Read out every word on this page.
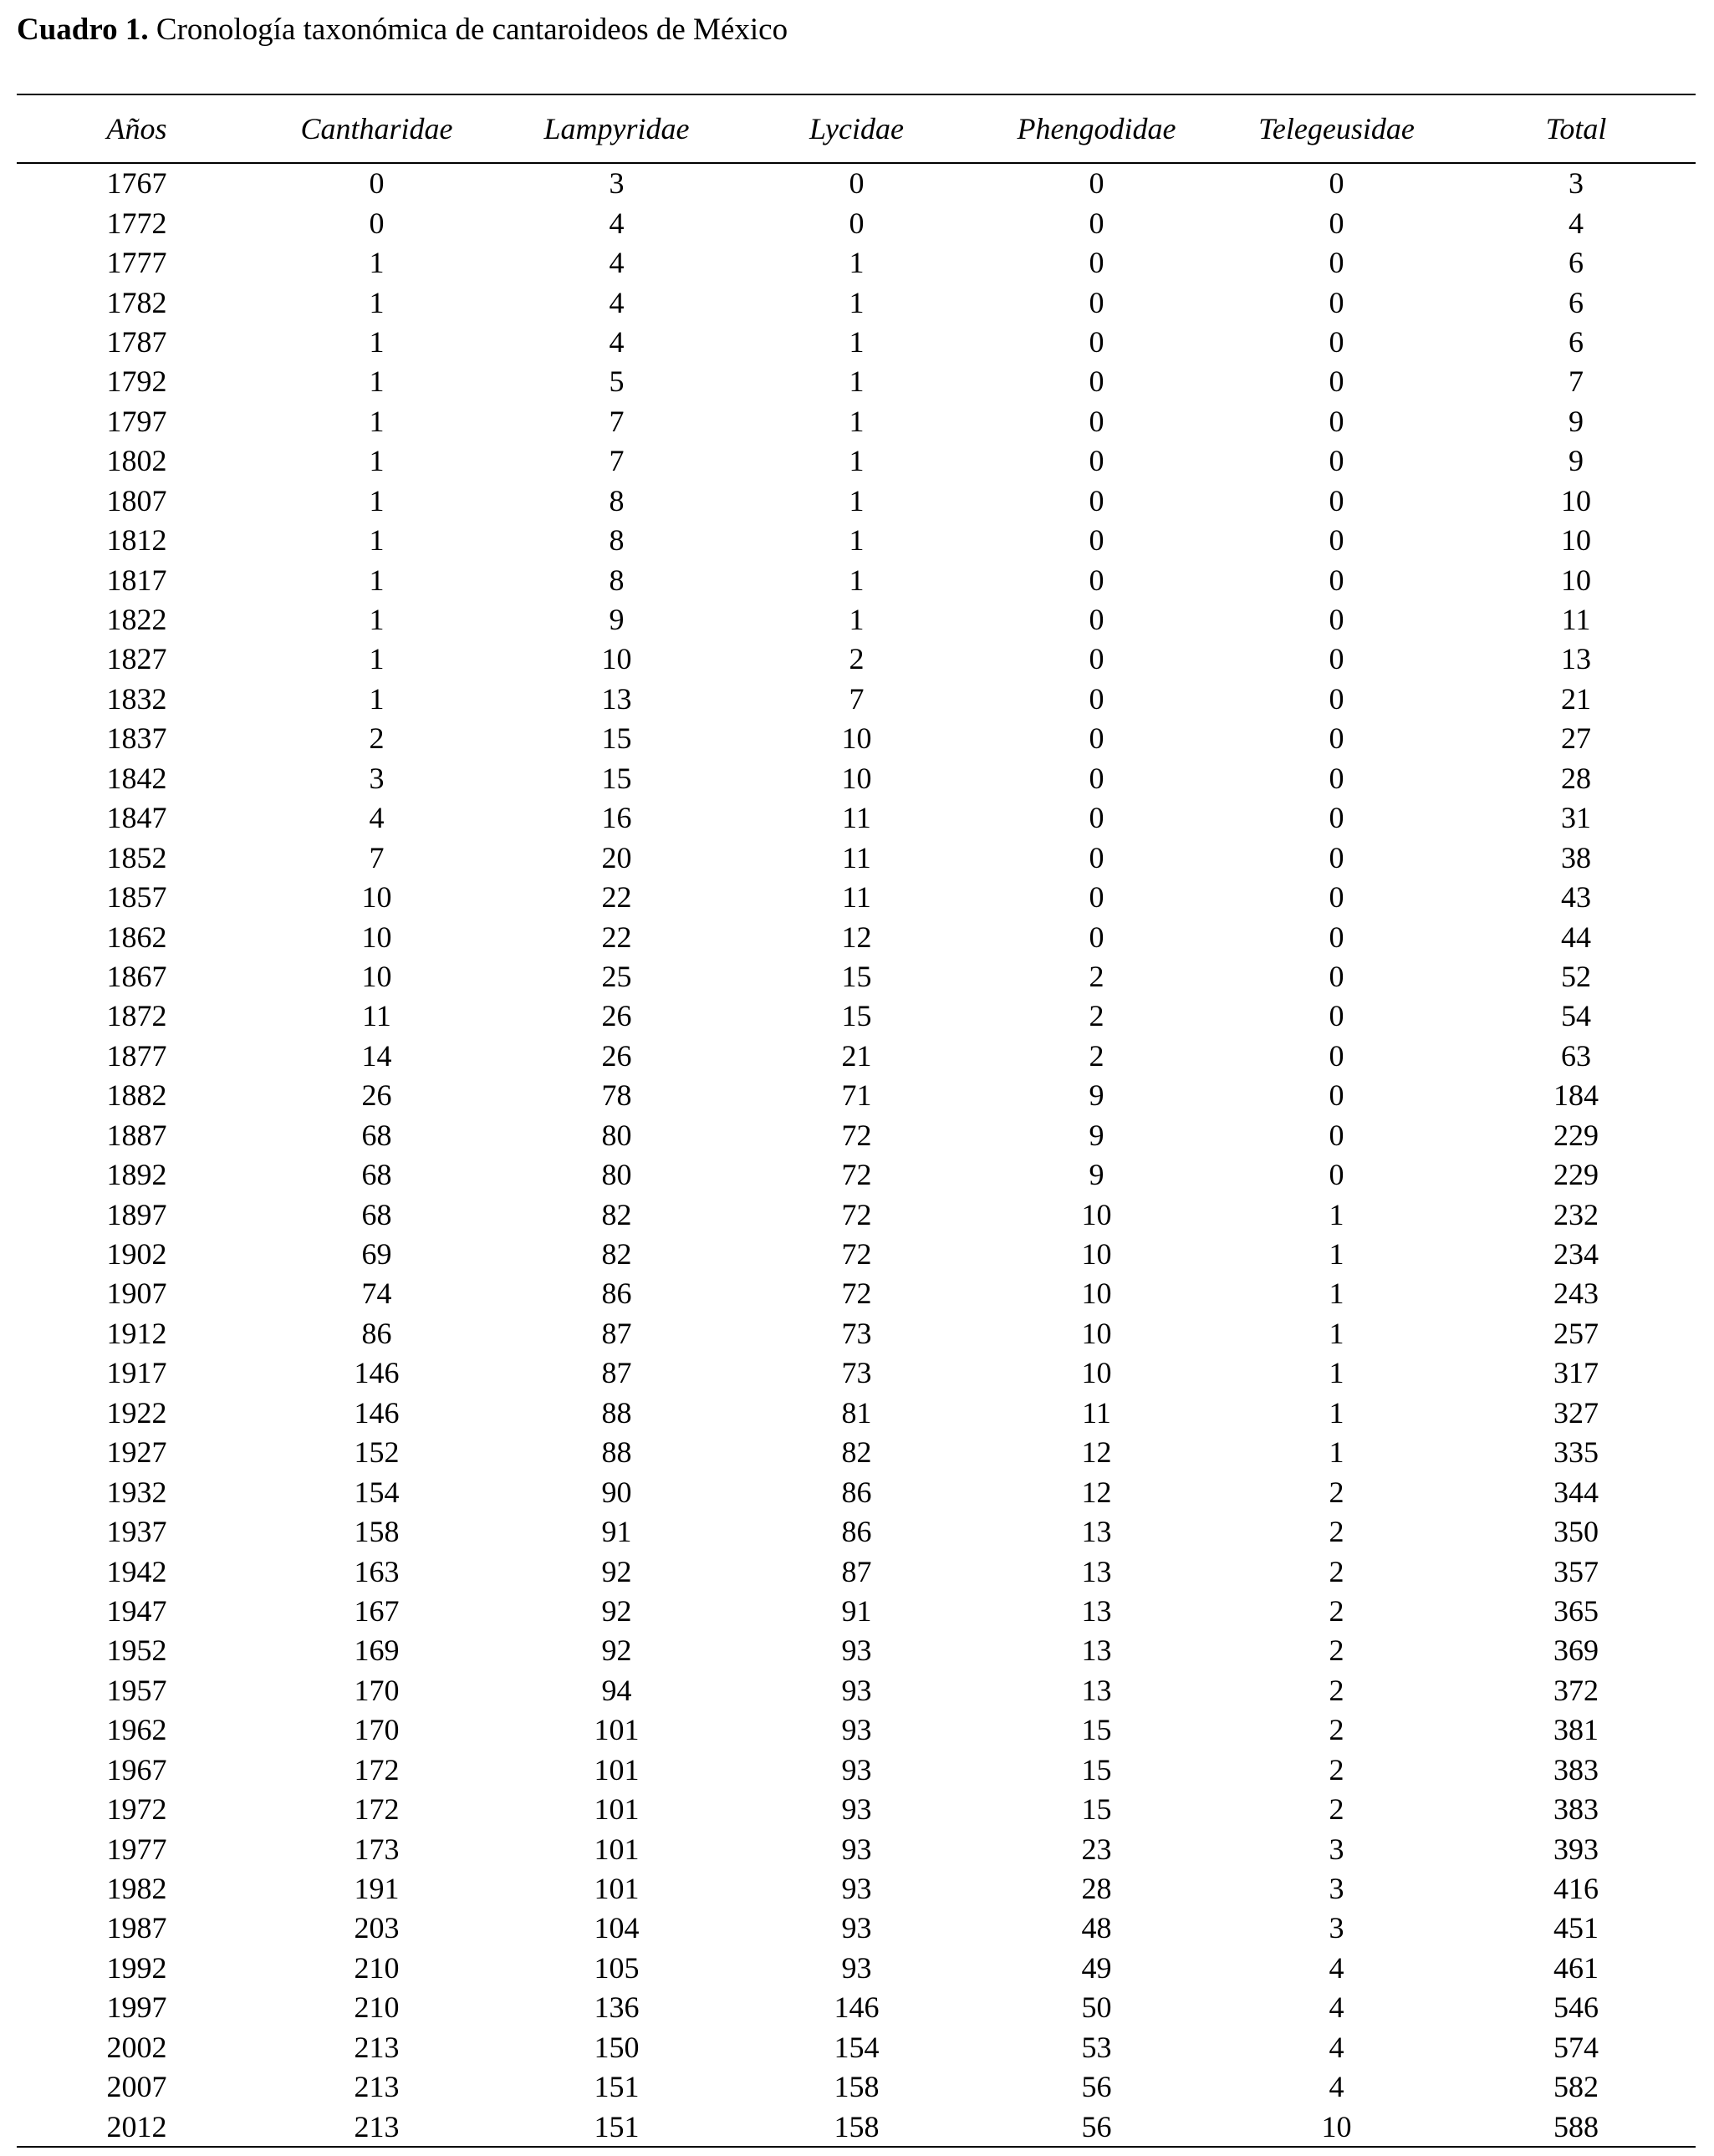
Cuadro 1. Cronología taxonómica de cantaroideos de México
Años	Cantharidae	Lampyridae	Lycidae	Phengodidae	Telegeusidae	Total
1767	0	3	0	0	0	3
1772	0	4	0	0	0	4
1777	1	4	1	0	0	6
1782	1	4	1	0	0	6
1787	1	4	1	0	0	6
1792	1	5	1	0	0	7
1797	1	7	1	0	0	9
1802	1	7	1	0	0	9
1807	1	8	1	0	0	10
1812	1	8	1	0	0	10
1817	1	8	1	0	0	10
1822	1	9	1	0	0	11
1827	1	10	2	0	0	13
1832	1	13	7	0	0	21
1837	2	15	10	0	0	27
1842	3	15	10	0	0	28
1847	4	16	11	0	0	31
1852	7	20	11	0	0	38
1857	10	22	11	0	0	43
1862	10	22	12	0	0	44
1867	10	25	15	2	0	52
1872	11	26	15	2	0	54
1877	14	26	21	2	0	63
1882	26	78	71	9	0	184
1887	68	80	72	9	0	229
1892	68	80	72	9	0	229
1897	68	82	72	10	1	232
1902	69	82	72	10	1	234
1907	74	86	72	10	1	243
1912	86	87	73	10	1	257
1917	146	87	73	10	1	317
1922	146	88	81	11	1	327
1927	152	88	82	12	1	335
1932	154	90	86	12	2	344
1937	158	91	86	13	2	350
1942	163	92	87	13	2	357
1947	167	92	91	13	2	365
1952	169	92	93	13	2	369
1957	170	94	93	13	2	372
1962	170	101	93	15	2	381
1967	172	101	93	15	2	383
1972	172	101	93	15	2	383
1977	173	101	93	23	3	393
1982	191	101	93	28	3	416
1987	203	104	93	48	3	451
1992	210	105	93	49	4	461
1997	210	136	146	50	4	546
2002	213	150	154	53	4	574
2007	213	151	158	56	4	582
2012	213	151	158	56	10	588
